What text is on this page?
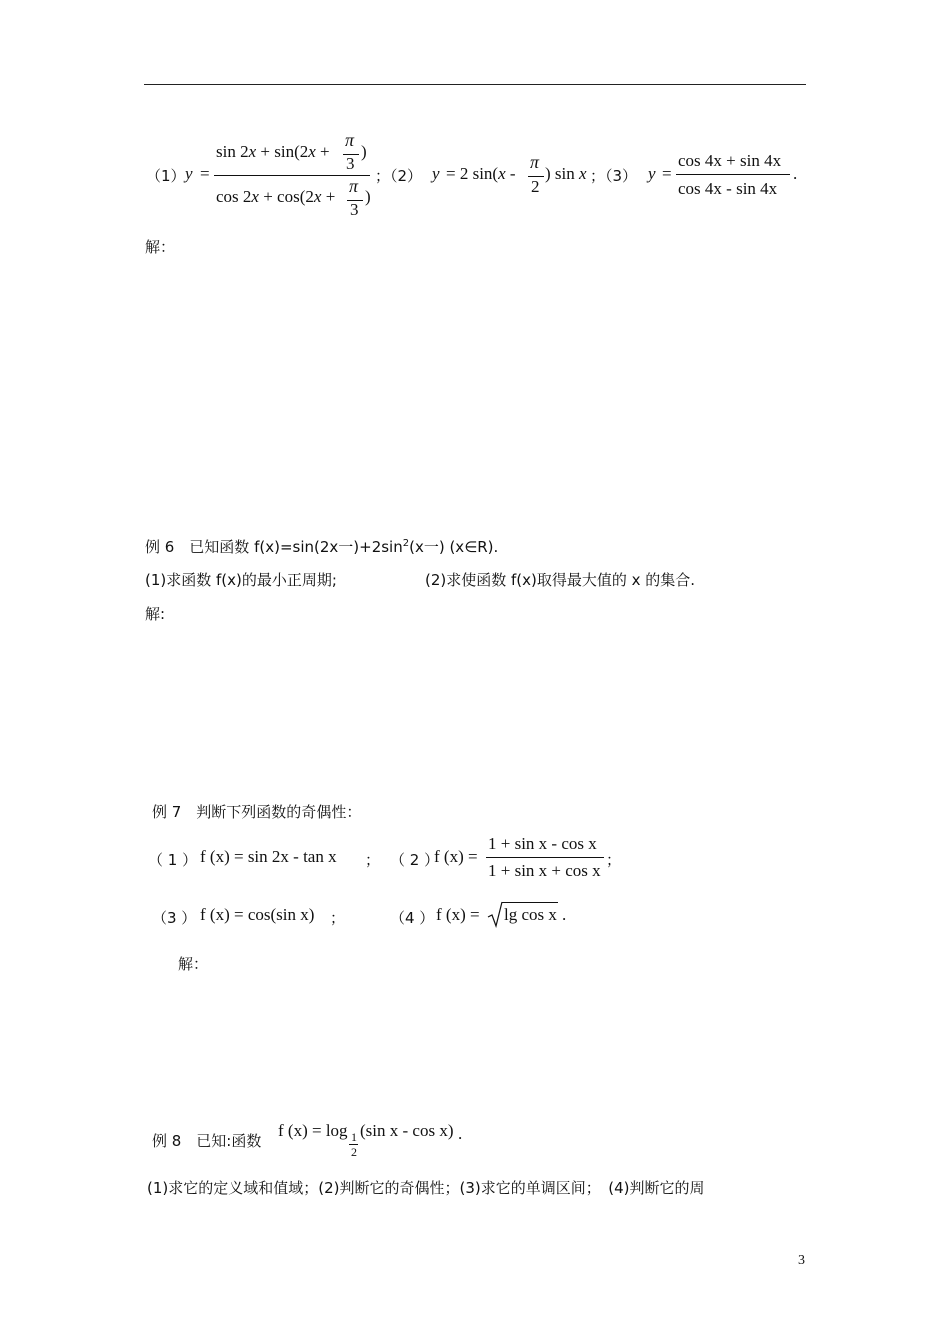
（1） y =
sin 2x + sin(2x +
π
3
)
cos 2x + cos(2x +
π
3
)
；（2） y = 2 sin(x -
π
2
) sin x ；（3） y =
cos 4x + sin 4x
cos 4x - sin 4x
.
解：
例 6　已知函数 f(x)=sin(2x一)$+2\sin^2(x$一) (x∈R).
(1)求函数 f(x)的最小正周期;	(2)求使函数 f(x)取得最大值的 x 的集合.
解:
例 7　判断下列函数的奇偶性：
（ 1 ） f (x) = sin 2x - tan x ； （ 2 ）
f (x) =
1 + sin x - cos x
1 + sin x + cos x
；
（3 ） f (x) = cos(sin x) ；	（4 ） f (x) = lg cos x .
解：
例 8　已知:函数
f (x) = log 1
2
(sin x - cos x) .
(1)求它的定义域和值域；(2)判断它的奇偶性；(3)求它的单调区间；　(4)判断它的周
3
